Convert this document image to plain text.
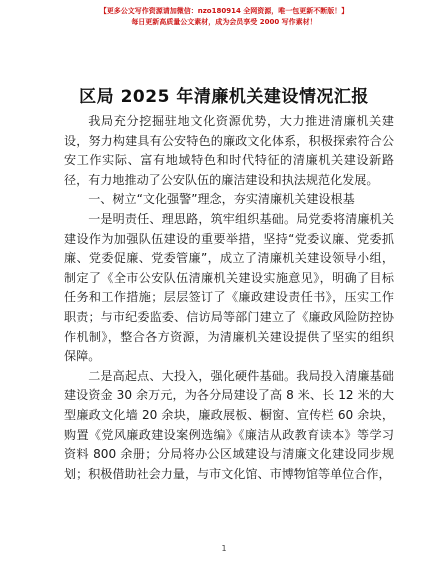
【更多公文写作资源请加微信：nzo180914 全网资源，唯一包更新不断版！】
每日更新高质量公文素材，成为会员享受 2000 写作素材！
区局 2025 年清廉机关建设情况汇报

我局充分挖掘驻地文化资源优势，大力推进清廉机关建设，努力构建具有公安特色的廉政文化体系，积极探索符合公安工作实际、富有地域特色和时代特征的清廉机关建设新路径，有力地推动了公安队伍的廉洁建设和执法规范化发展。

一、树立“文化强警”理念，夯实清廉机关建设根基

一是明责任、理思路，筑牢组织基础。局党委将清廉机关建设作为加强队伍建设的重要举措，坚持“党委议廉、党委抓廉、党委促廉、党委管廉”，成立了清廉机关建设领导小组，制定了《全市公安队伍清廉机关建设实施意见》，明确了目标任务和工作措施；层层签订了《廉政建设责任书》，压实工作职责；与市纪委监委、信访局等部门建立了《廉政风险防控协作机制》，整合各方资源，为清廉机关建设提供了坚实的组织保障。

二是高起点、大投入，强化硬件基础。我局投入清廉基础建设资金 30 余万元，为各分局建设了高 8 米、长 12 米的大型廉政文化墙 20 余块，廉政展板、橱窗、宣传栏 60 余块，购置《党风廉政建设案例选编》《廉洁从政教育读本》等学习资料 800 余册；分局将办公区域建设与清廉文化建设同步规划；积极借助社会力量，与市文化馆、市博物馆等单位合作，

1
